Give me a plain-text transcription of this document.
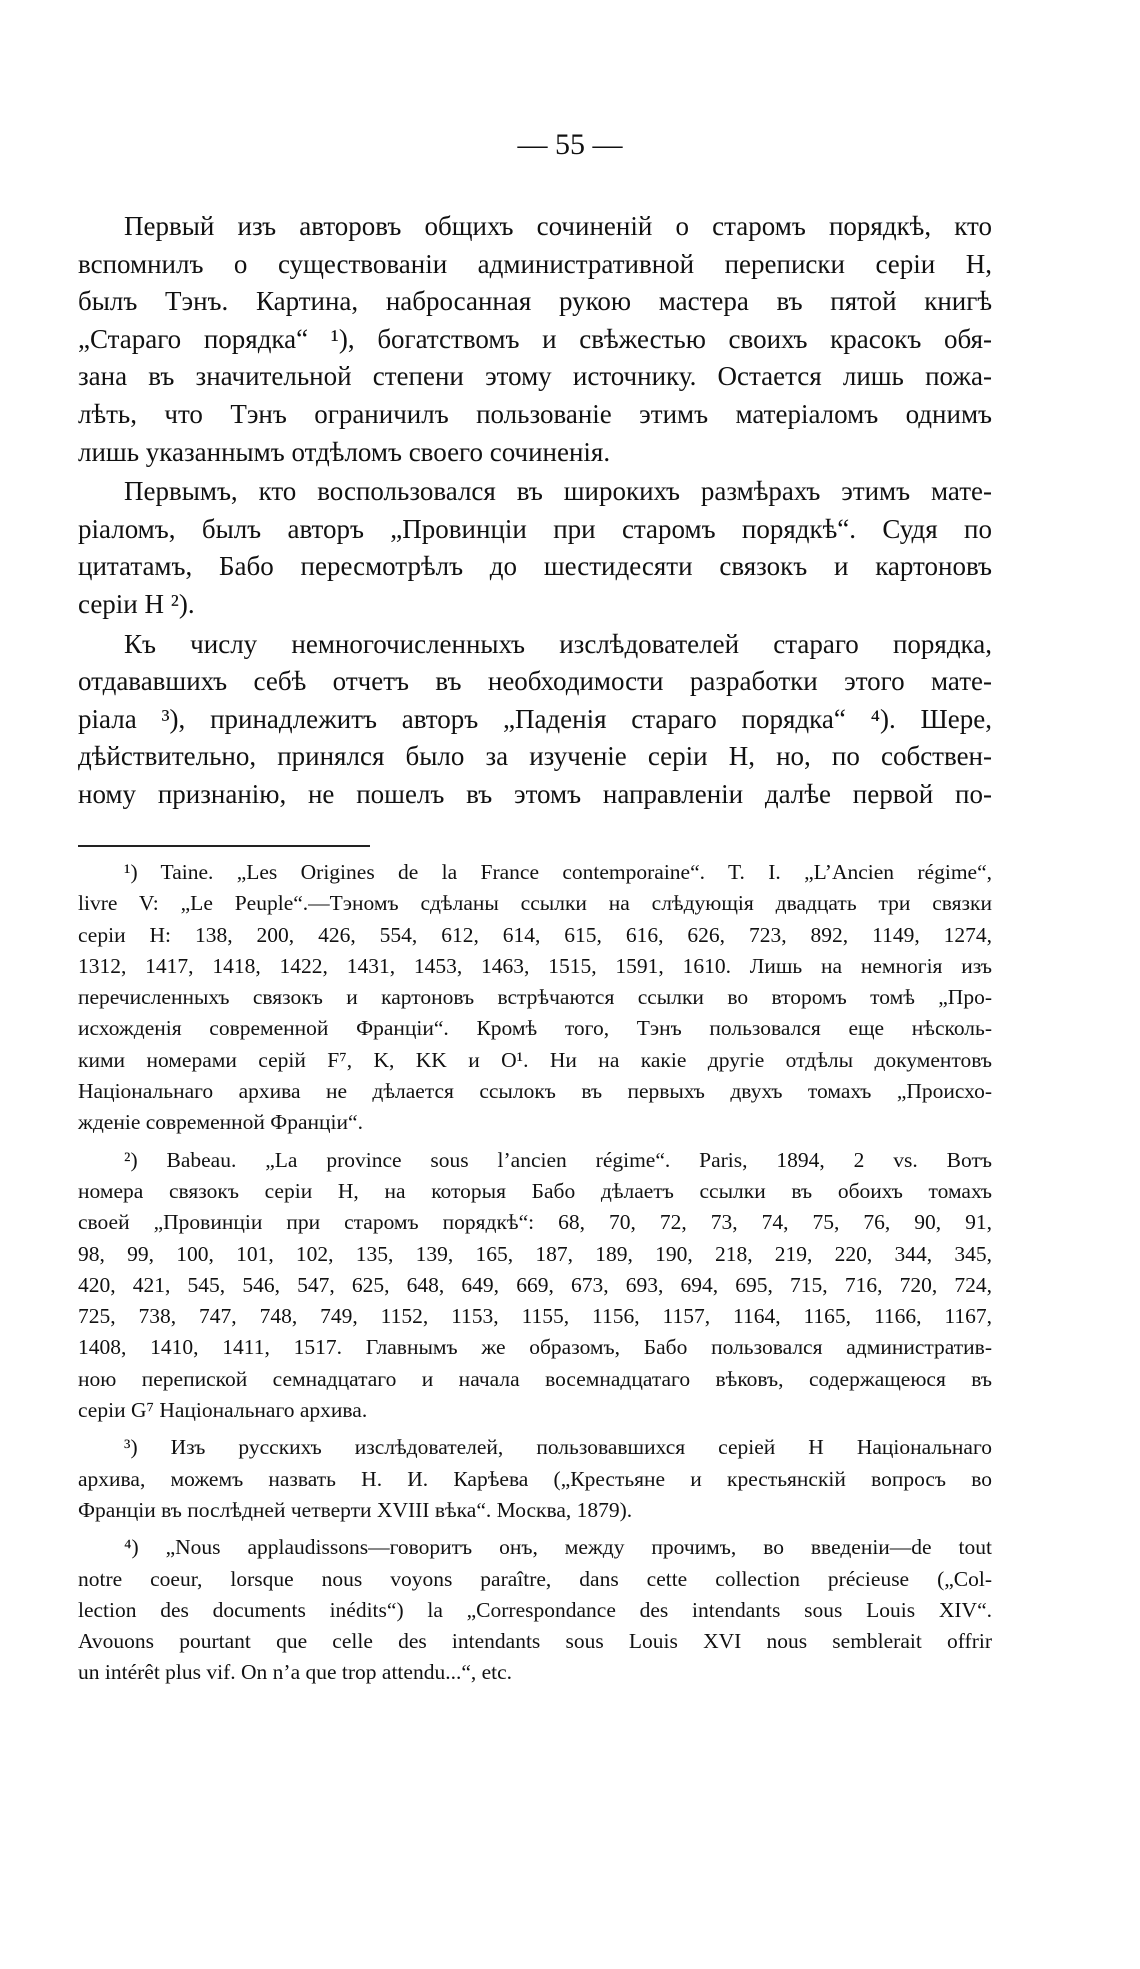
— 55 —
Первый изъ авторовъ общихъ сочиненій о старомъ порядкѣ, кто
вспомнилъ о существованіи административной переписки серіи H,
былъ Тэнъ. Картина, набросанная рукою мастера въ пятой книгѣ
„Стараго порядка“ ¹), богатствомъ и свѣжестью своихъ красокъ обя-
зана въ значительной степени этому источнику. Остается лишь пожа-
лѣть, что Тэнъ ограничилъ пользованіе этимъ матеріаломъ однимъ
лишь указаннымъ отдѣломъ своего сочиненія.
Первымъ, кто воспользовался въ широкихъ размѣрахъ этимъ мате-
ріаломъ, былъ авторъ „Провинціи при старомъ порядкѣ“. Судя по
цитатамъ, Бабо пересмотрѣлъ до шестидесяти связокъ и картоновъ
серіи H ²).
Къ числу немногочисленныхъ изслѣдователей стараго порядка,
отдававшихъ себѣ отчетъ въ необходимости разработки этого мате-
ріала ³), принадлежитъ авторъ „Паденія стараго порядка“ ⁴). Шере,
дѣйствительно, принялся было за изученіе серіи H, но, по собствен-
ному признанію, не пошелъ въ этомъ направленіи далѣе первой по-
¹) Taine. „Les Origines de la France contemporaine“. T. I. „L’Ancien régime“,
livre V: „Le Peuple“.—Тэномъ сдѣланы ссылки на слѣдующія двадцать три связки
серіи H: 138, 200, 426, 554, 612, 614, 615, 616, 626, 723, 892, 1149, 1274,
1312, 1417, 1418, 1422, 1431, 1453, 1463, 1515, 1591, 1610. Лишь на немногія изъ
перечисленныхъ связокъ и картоновъ встрѣчаются ссылки во второмъ томѣ „Про-
исхожденія современной Франціи“. Кромѣ того, Тэнъ пользовался еще нѣсколь-
кими номерами серій F⁷, K, KK и O¹. Ни на какіе другіе отдѣлы документовъ
Національнаго архива не дѣлается ссылокъ въ первыхъ двухъ томахъ „Происхо-
жденіе современной Франціи“.
²) Babeau. „La province sous l’ancien régime“. Paris, 1894, 2 vs. Вотъ
номера связокъ серіи H, на которыя Бабо дѣлаетъ ссылки въ обоихъ томахъ
своей „Провинціи при старомъ порядкѣ“: 68, 70, 72, 73, 74, 75, 76, 90, 91,
98, 99, 100, 101, 102, 135, 139, 165, 187, 189, 190, 218, 219, 220, 344, 345,
420, 421, 545, 546, 547, 625, 648, 649, 669, 673, 693, 694, 695, 715, 716, 720, 724,
725, 738, 747, 748, 749, 1152, 1153, 1155, 1156, 1157, 1164, 1165, 1166, 1167,
1408, 1410, 1411, 1517. Главнымъ же образомъ, Бабо пользовался административ-
ною перепиской семнадцатаго и начала восемнадцатаго вѣковъ, содержащеюся въ
серіи G⁷ Національнаго архива.
³) Изъ русскихъ изслѣдователей, пользовавшихся серіей H Національнаго
архива, можемъ назвать Н. И. Карѣева („Крестьяне и крестьянскій вопросъ во
Франціи въ послѣдней четверти XVIII вѣка“. Москва, 1879).
⁴) „Nous applaudissons—говоритъ онъ, между прочимъ, во введеніи—de tout
notre coeur, lorsque nous voyons paraître, dans cette collection précieuse („Col-
lection des documents inédits“) la „Correspondance des intendants sous Louis XIV“.
Avouons pourtant que celle des intendants sous Louis XVI nous semblerait offrir
un intérêt plus vif. On n’a que trop attendu...“, etc.
